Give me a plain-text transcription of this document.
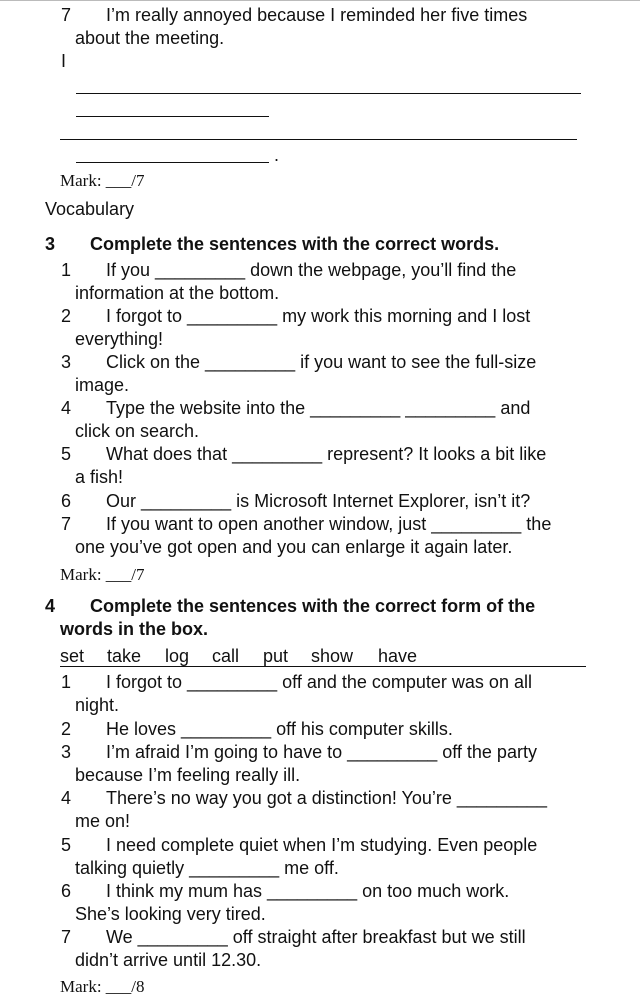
7 I’m really annoyed because I reminded her five times
about the meeting.
I
.
Mark: ___/7
Vocabulary
3 Complete the sentences with the correct words.
1 If you _________ down the webpage, you’ll find the
information at the bottom.
2 I forgot to _________ my work this morning and I lost
everything!
3 Click on the _________ if you want to see the full-size
image.
4 Type the website into the _________ _________ and
click on search.
5 What does that _________ represent? It looks a bit like
a fish!
6 Our _________ is Microsoft Internet Explorer, isn’t it?
7 If you want to open another window, just _________ the
one you’ve got open and you can enlarge it again later.
Mark: ___/7
4 Complete the sentences with the correct form of the
words in the box.
set take log call put show have
1 I forgot to _________ off and the computer was on all
night.
2 He loves _________ off his computer skills.
3 I’m afraid I’m going to have to _________ off the party
because I’m feeling really ill.
4 There’s no way you got a distinction! You’re _________
me on!
5 I need complete quiet when I’m studying. Even people
talking quietly _________ me off.
6 I think my mum has _________ on too much work.
She’s looking very tired.
7 We _________ off straight after breakfast but we still
didn’t arrive until 12.30.
Mark: ___/8
